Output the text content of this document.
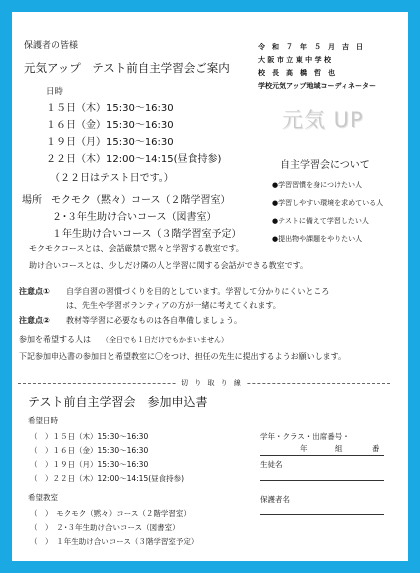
保護者の皆様
元気アップ　テスト前自主学習会ご案内
令　和　７　年　５　月　吉　日
大 阪 市 立 東 中 学 校
校　長　高　橋　哲　也
学校元気アップ地域コーディネーター
元気 UP
日時
１５日（木）15:30～16:30
１６日（金）15:30～16:30
１９日（月）15:30～16:30
２２日（木）12:00～14:15(昼食持参)
（２２日はテスト日です。）
自主学習会について
●学習習慣を身につけたい人
●学習しやすい環境を求めている人
●テストに備えて学習したい人
●提出物や課題をやりたい人
場所 モクモク（黙々）コース（２階学習室）
２･３年生助け合いコース（図書室）
１年生助け合いコース（３階学習室予定）
モクモクコースとは、会話厳禁で黙々と学習する教室です。
助け合いコースとは、少しだけ隣の人と学習に関する会話ができる教室です。
注意点① 自学自習の習慣づくりを目的としています。学習して分かりにくいところ
は、先生や学習ボランティアの方が一緒に考えてくれます。
注意点② 教材等学習に必要なものは各自準備しましょう。
参加を希望する人は （全日でも１日だけでもかまいません）
下記参加申込書の参加日と希望教室に〇をつけ、担任の先生に提出するようお願いします。
切 り 取 り 線
テスト前自主学習会　参加申込書
希望日時
（　）１５日（木）15:30～16:30
（　）１６日（金）15:30～16:30
（　）１９日（月）15:30～16:30
（　）２２日（木）12:00～14:15(昼食持参)
希望教室
（　）　モクモク（黙々）コース（２階学習室）
（　）　２･３年生助け合いコース（図書室）
（　）　１年生助け合いコース（３階学習室予定）
学年・クラス・出席番号・
年	組	番
生徒名
保護者名
